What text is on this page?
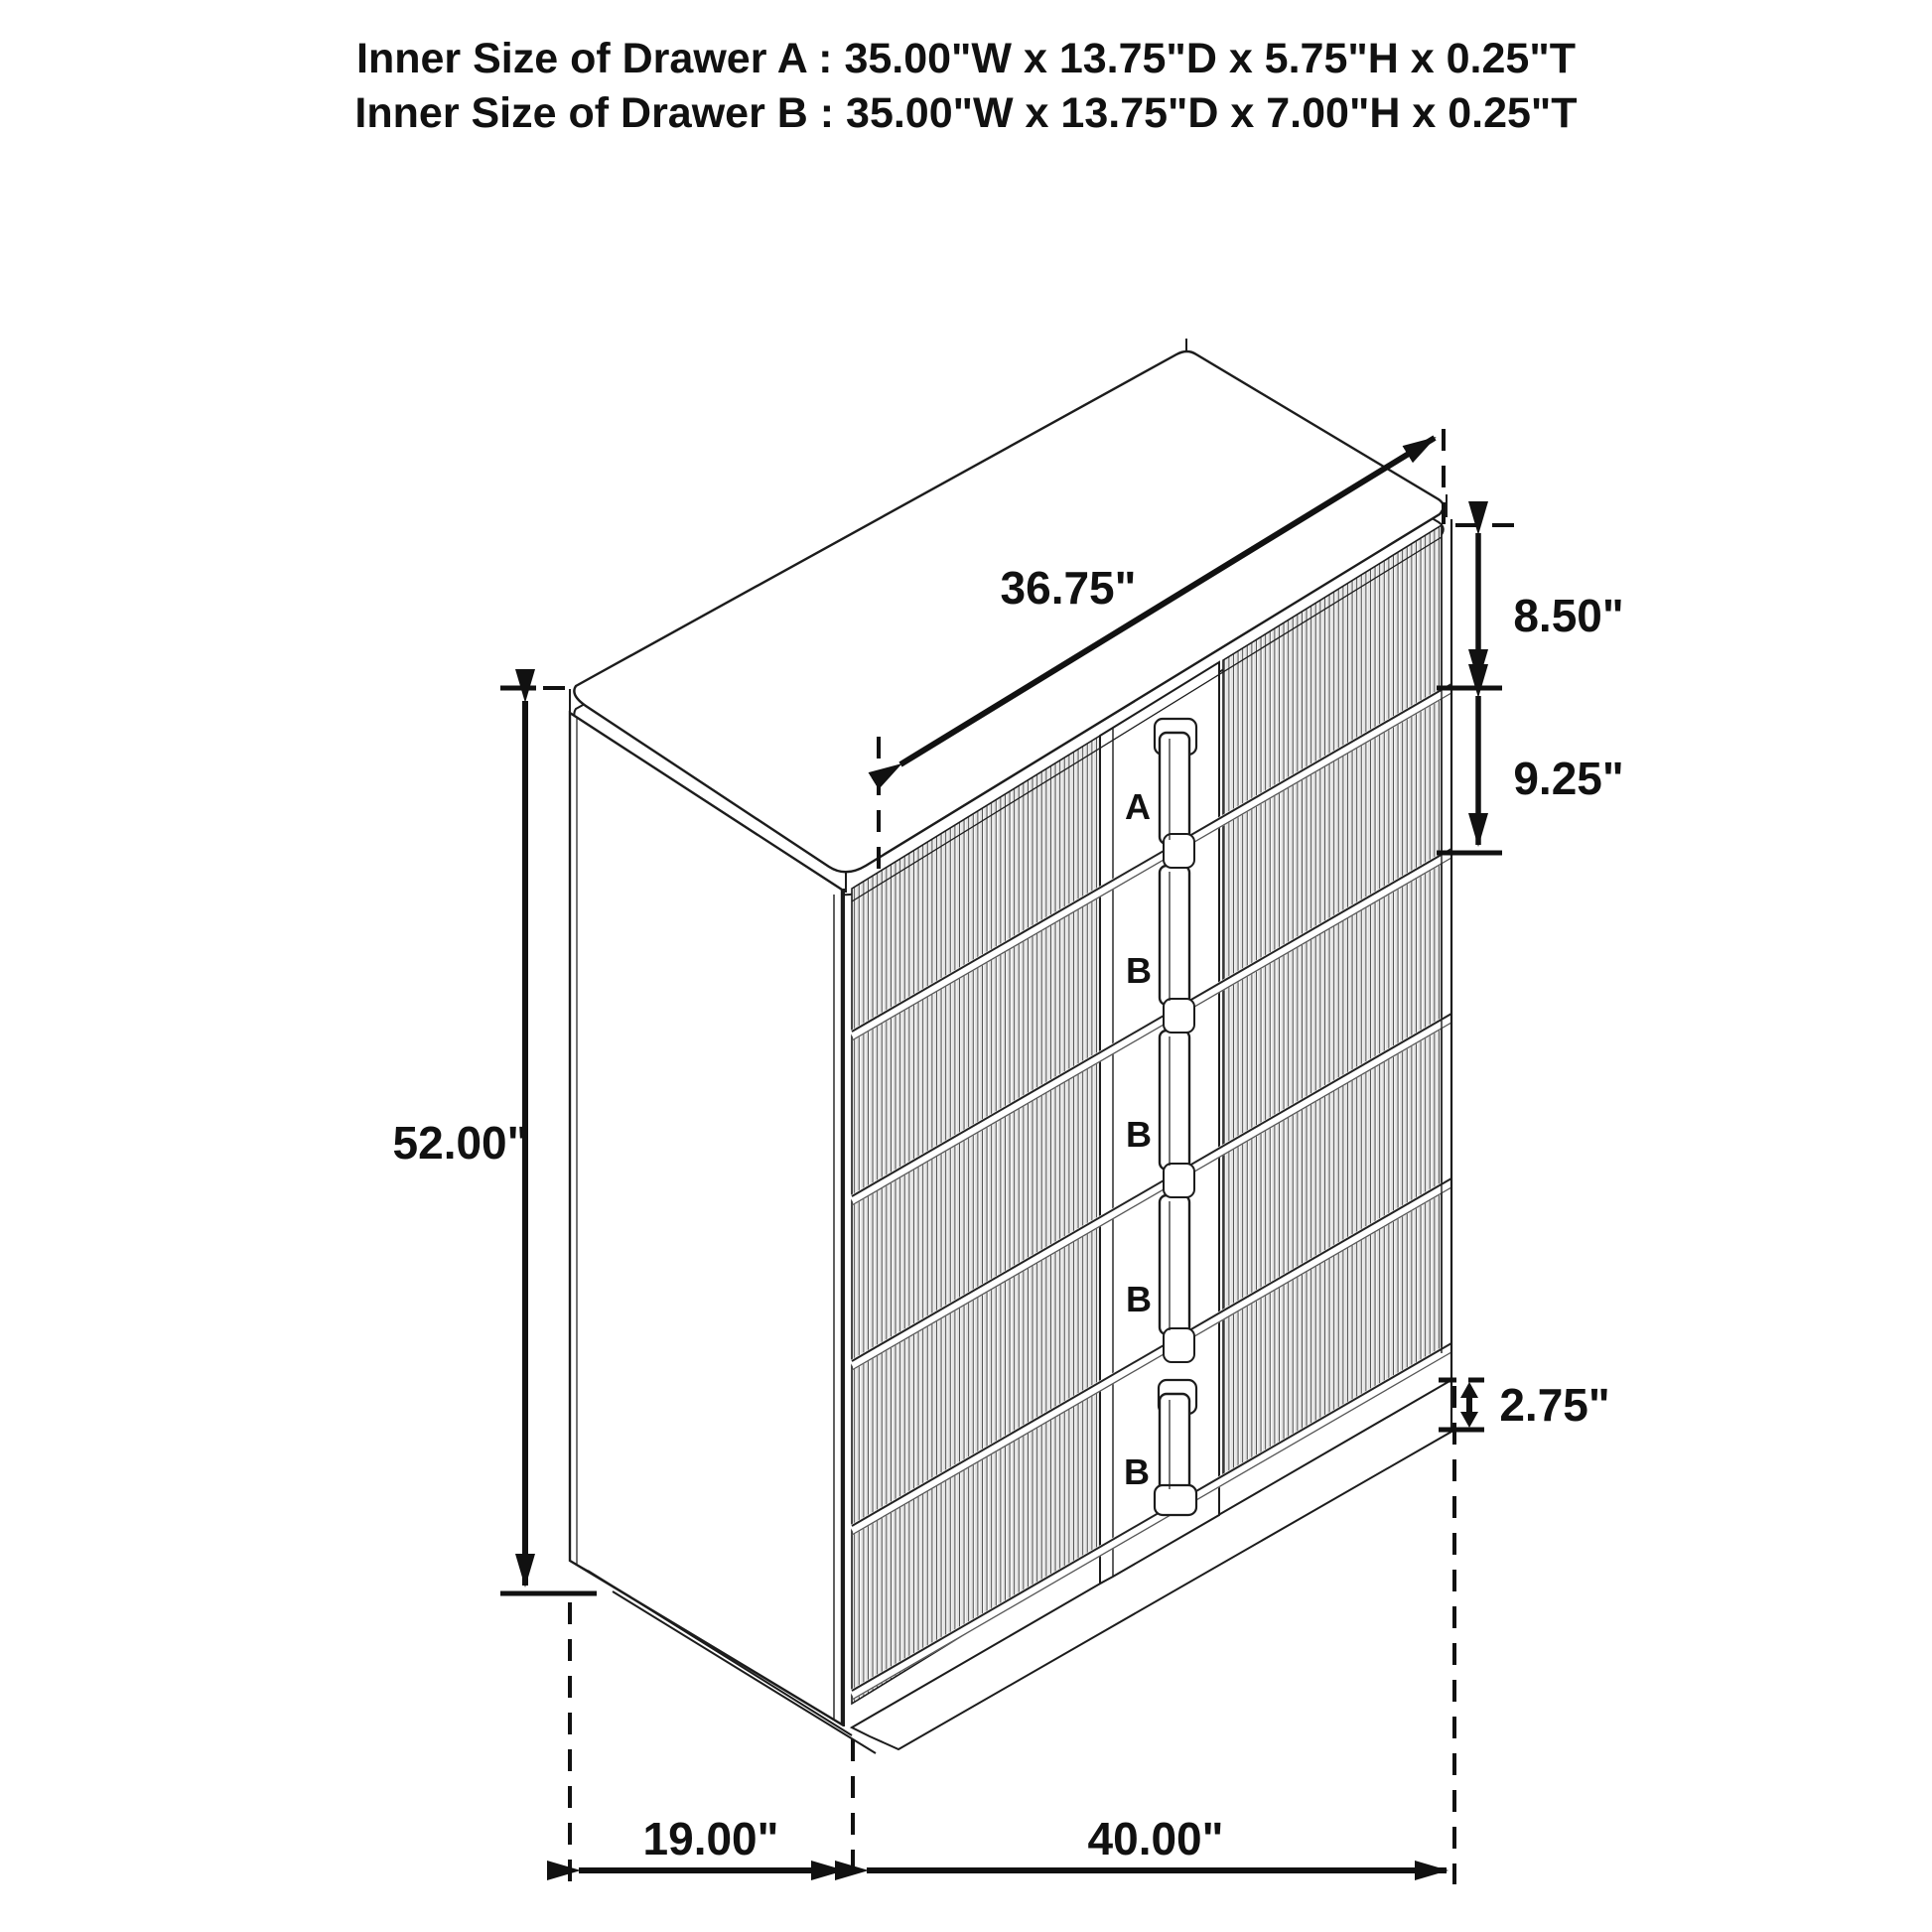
Inner Size of Drawer A : 35.00"W x 13.75"D x 5.75"H x 0.25"T
Inner Size of Drawer B : 35.00"W x 13.75"D x 7.00"H x 0.25"T
A
B
B
B
B
36.75"
8.50"
9.25"
52.00"
2.75"
19.00"	40.00"
